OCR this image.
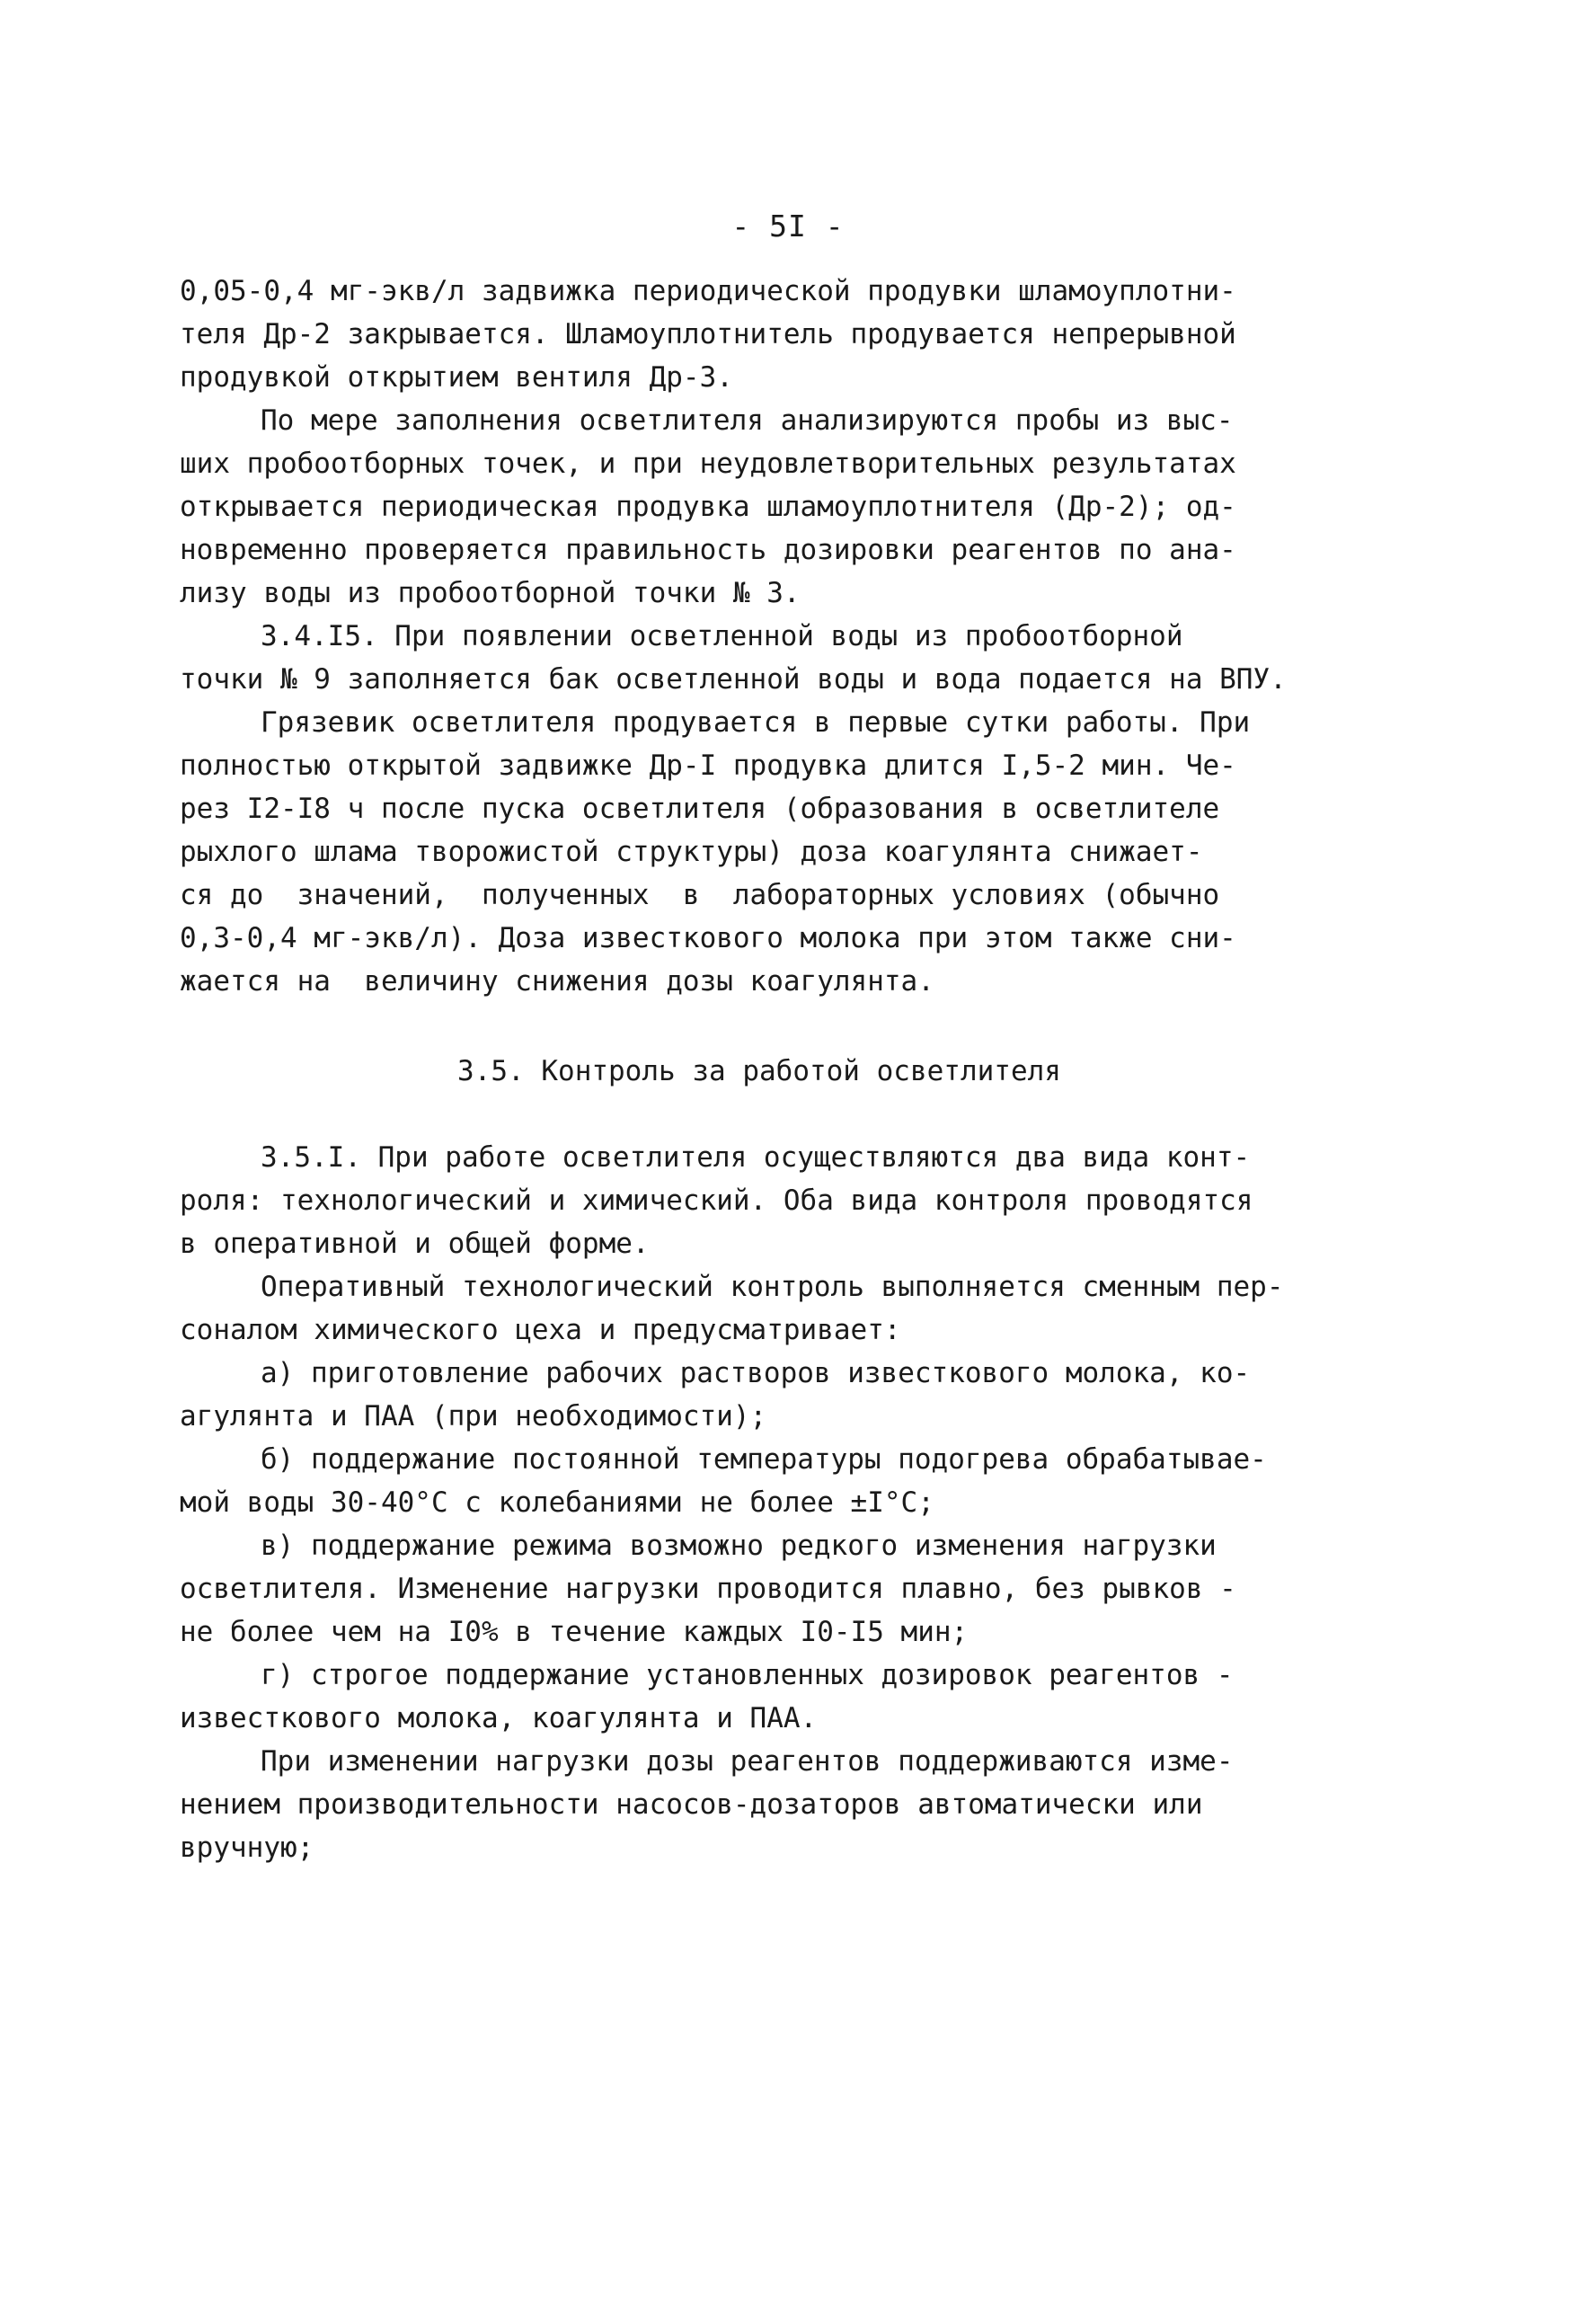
- 5I -
0,05-0,4 мг-экв/л задвижка периодической продувки шламоуплотни-
теля Др-2 закрывается. Шламоуплотнитель продувается непрерывной
продувкой открытием вентиля Др-3.
По мере заполнения осветлителя анализируются пробы из выс-
ших пробоотборных точек, и при неудовлетворительных результатах
открывается периодическая продувка шламоуплотнителя (Др-2); од-
новременно проверяется правильность дозировки реагентов по ана-
лизу воды из пробоотборной точки № 3.
3.4.I5. При появлении осветленной воды из пробоотборной
точки № 9 заполняется бак осветленной воды и вода подается на ВПУ.
Грязевик осветлителя продувается в первые сутки работы. При
полностью открытой задвижке Др-I продувка длится I,5-2 мин. Че-
рез I2-I8 ч после пуска осветлителя (образования в осветлителе
рыхлого шлама творожистой структуры) доза коагулянта снижает-
ся до  значений,  полученных  в  лабораторных условиях (обычно
0,3-0,4 мг-экв/л). Доза известкового молока при этом также сни-
жается на  величину снижения дозы коагулянта.
3.5. Контроль за работой осветлителя
3.5.I. При работе осветлителя осуществляются два вида конт-
роля: технологический и химический. Оба вида контроля проводятся
в оперативной и общей форме.
Оперативный технологический контроль выполняется сменным пер-
соналом химического цеха и предусматривает:
а) приготовление рабочих растворов известкового молока, ко-
агулянта и ПАА (при необходимости);
б) поддержание постоянной температуры подогрева обрабатывае-
мой воды 30-40°С с колебаниями не более ±I°С;
в) поддержание режима возможно редкого изменения нагрузки
осветлителя. Изменение нагрузки проводится плавно, без рывков -
не более чем на I0% в течение каждых I0-I5 мин;
г) строгое поддержание установленных дозировок реагентов -
известкового молока, коагулянта и ПАА.
При изменении нагрузки дозы реагентов поддерживаются изме-
нением производительности насосов-дозаторов автоматически или
вручную;
